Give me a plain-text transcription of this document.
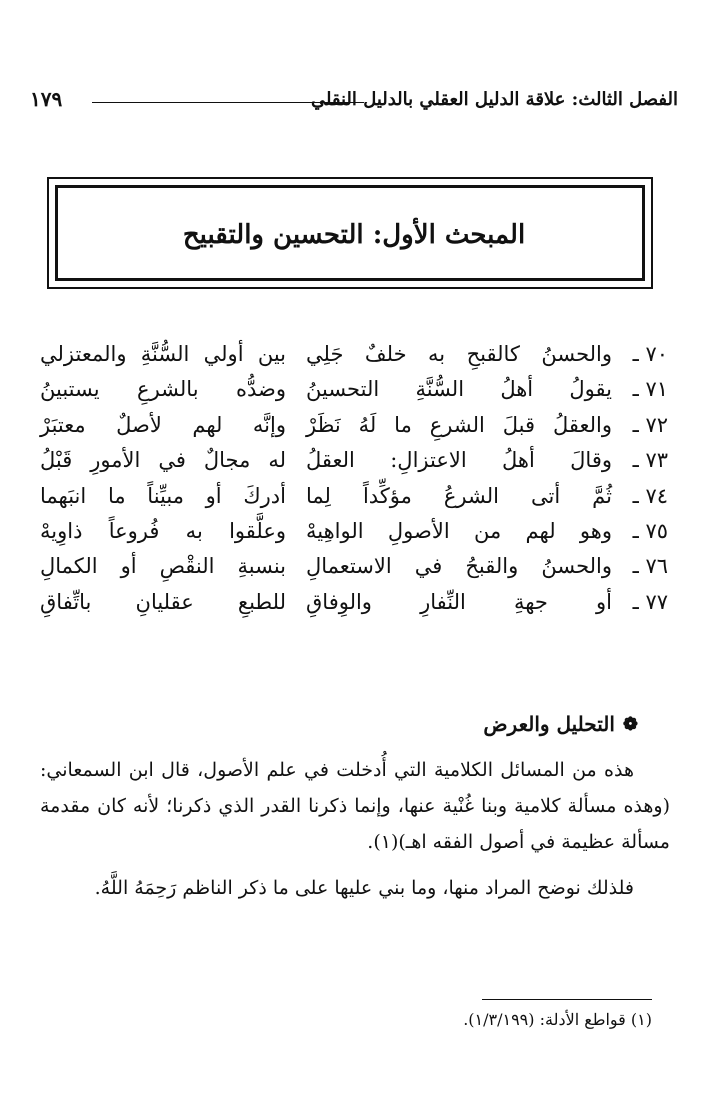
١٧٩	الفصل الثالث: علاقة الدليل العقلي بالدليل النقلي
المبحث الأول: التحسين والتقبيح
٧٠ ـ
والحسنُ كالقبحِ به خلفٌ جَلِي
بين أولي السُّنَّةِ والمعتزلي
٧١ ـ
يقولُ أهلُ السُّنَّةِ التحسينُ
وضدُّه بالشرعِ يستبينُ
٧٢ ـ
والعقلُ قبلَ الشرعِ ما لَهُ نَظَرْ
وإنَّه لهم لأصلٌ معتبَرْ
٧٣ ـ
وقالَ أهلُ الاعتزالِ: العقلُ
له مجالٌ في الأمورِ قَبْلُ
٧٤ ـ
ثُمَّ أتى الشرعُ مؤكِّداً لِما
أدركَ أو مبيِّناً ما انبَهما
٧٥ ـ
وهو لهم من الأصولِ الواهِيهْ
وعلَّقوا به فُروعاً ذاوِيهْ
٧٦ ـ
والحسنُ والقبحُ في الاستعمالِ
بنسبةِ النقْصِ أو الكمالِ
٧٧ ـ
أو جهةِ النِّفارِ والوِفاقِ
للطبعِ عقليانِ باتِّفاقِ
❁
التحليل والعرض

هذه من المسائل الكلامية التي أُدخلت في علم الأصول، قال ابن السمعاني: (وهذه مسألة كلامية وبنا غُنْية عنها، وإنما ذكرنا القدر الذي ذكرنا؛ لأنه كان مقدمة مسألة عظيمة في أصول الفقه اهـ)(١).

فلذلك نوضح المراد منها، وما بني عليها على ما ذكر الناظم رَحِمَهُ اللَّهُ.

(١) قواطع الأدلة: (١/٣/١٩٩).
